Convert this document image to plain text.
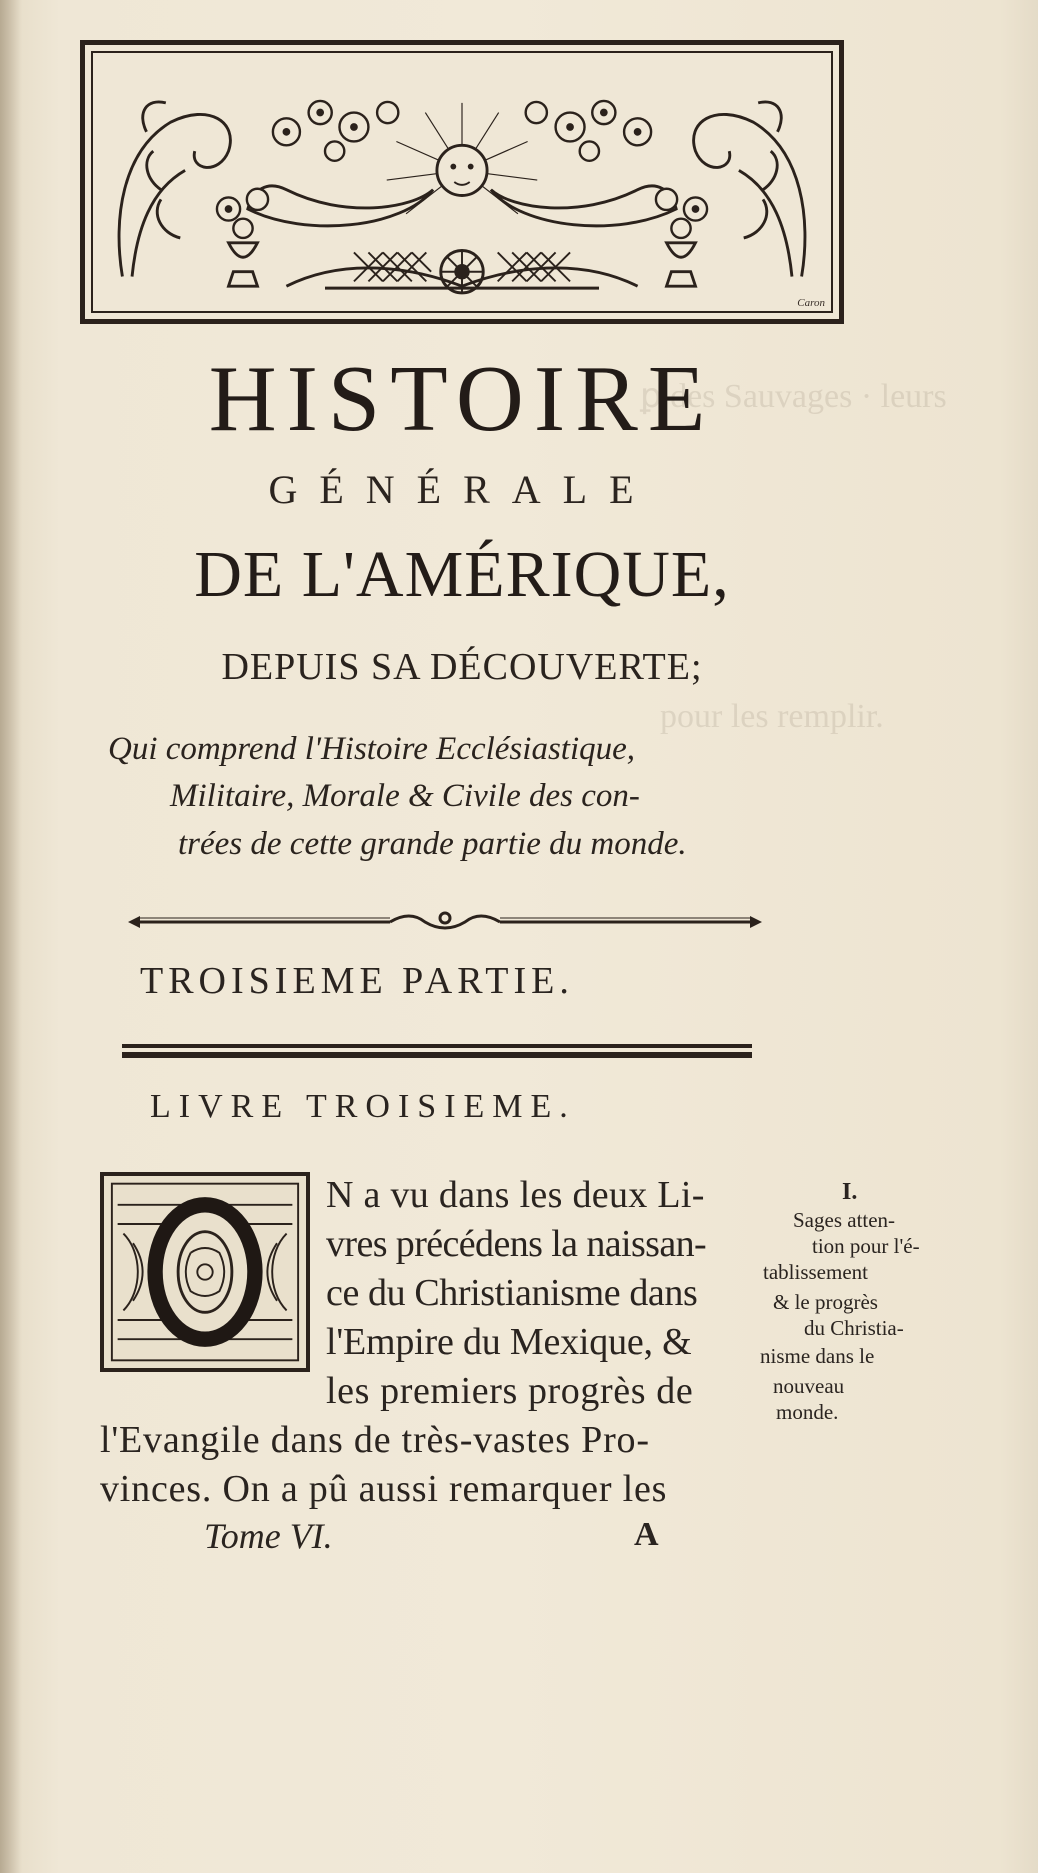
ꝑ des Sauvages · leurs
pour les remplir.
Caron
HISTOIRE
GÉNÉRALE
DE L'AMÉRIQUE,
DEPUIS SA DÉCOUVERTE;
Qui comprend l'Histoire Ecclésiastique,
Militaire, Morale & Civile des con-
trées de cette grande partie du monde.
TROISIEME PARTIE.
LIVRE TROISIEME.
N a vu dans les deux Li-
vres précédens la naissan-
ce du Christianisme dans
l'Empire du Mexique, &
les premiers progrès de
l'Evangile dans de très-vastes Pro-
vinces. On a pû aussi remarquer les
I.
Sages atten-
tion pour l'é-
tablissement
& le progrès
du Christia-
nisme dans le
nouveau
monde.
Tome VI.	A
